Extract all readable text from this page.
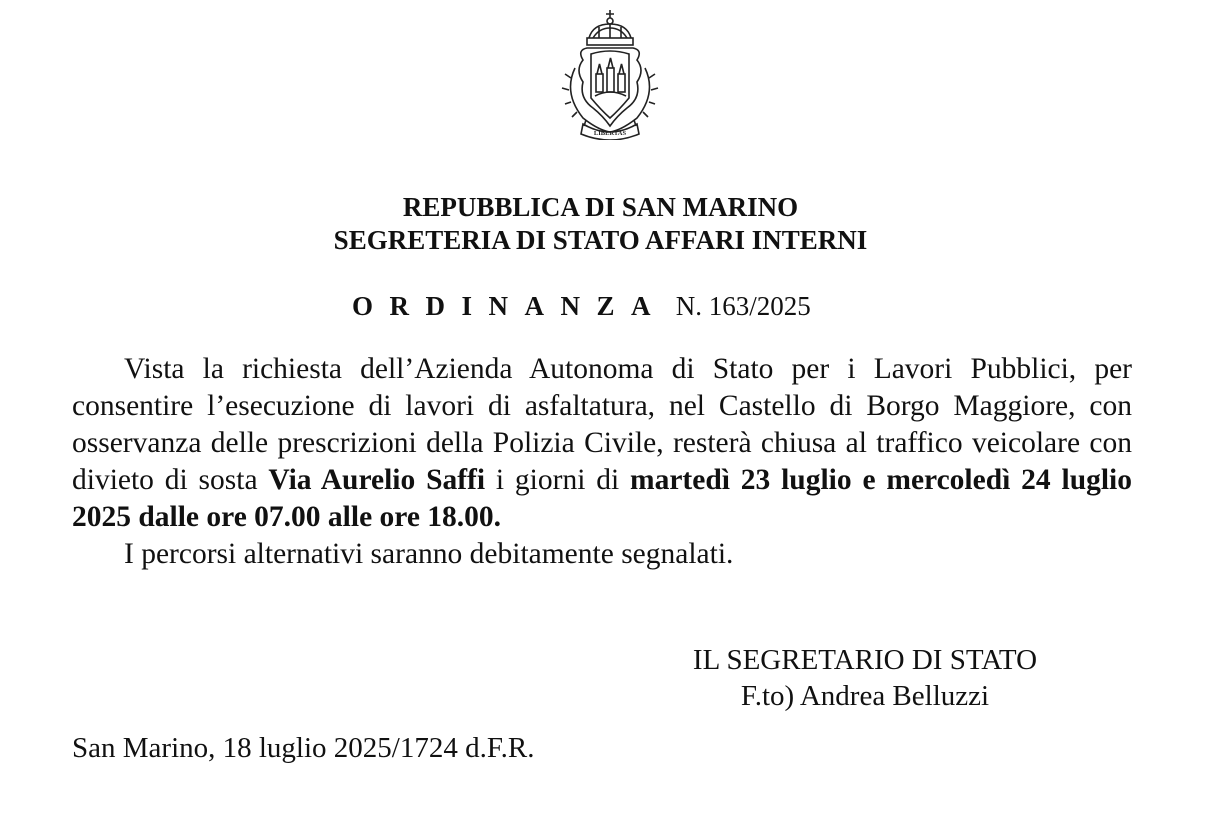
LIBERTAS
REPUBBLICA DI SAN MARINO
SEGRETERIA DI STATO AFFARI INTERNI
ORDINANZA N. 163/2025

Vista la richiesta dell’Azienda Autonoma di Stato per i Lavori Pubblici, per consentire l’esecuzione di lavori di asfaltatura, nel Castello di Borgo Maggiore, con osservanza delle prescrizioni della Polizia Civile, resterà chiusa al traffico veicolare con divieto di sosta Via Aurelio Saffi i giorni di martedì 23 luglio e mercoledì 24 luglio 2025 dalle ore 07.00 alle ore 18.00.

I percorsi alternativi saranno debitamente segnalati.

IL SEGRETARIO DI STATO
F.to) Andrea Belluzzi
San Marino, 18 luglio 2025/1724 d.F.R.
